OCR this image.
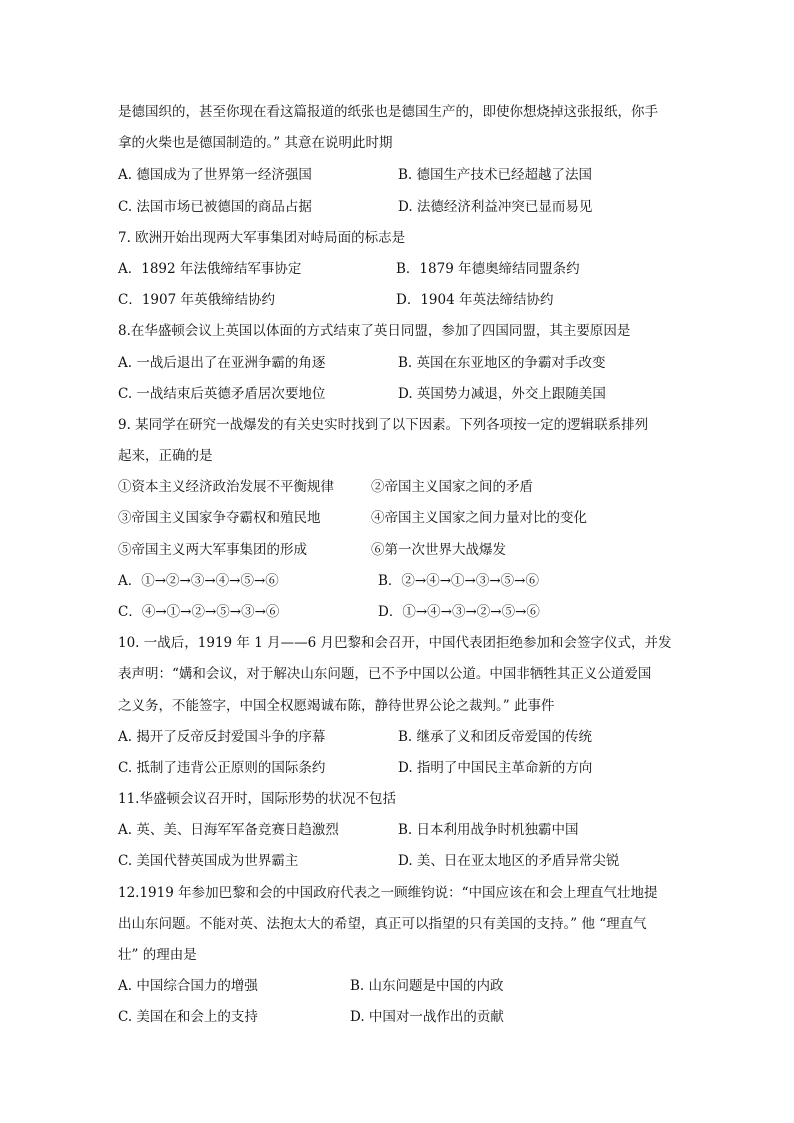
是德国织的，甚至你现在看这篇报道的纸张也是德国生产的，即使你想烧掉这张报纸，你手
拿的火柴也是德国制造的。” 其意在说明此时期
A. 德国成为了世界第一经济强国	B. 德国生产技术已经超越了法国
C. 法国市场已被德国的商品占据	D. 法德经济利益冲突已显而易见
7. 欧洲开始出现两大军事集团对峙局面的标志是
A．1892 年法俄缔结军事协定	B．1879 年德奥缔结同盟条约
C．1907 年英俄缔结协约	D．1904 年英法缔结协约
8.在华盛顿会议上英国以体面的方式结束了英日同盟，参加了四国同盟，其主要原因是
A. 一战后退出了在亚洲争霸的角逐	B. 英国在东亚地区的争霸对手改变
C. 一战结束后英德矛盾居次要地位	D. 英国势力减退，外交上跟随美国
9. 某同学在研究一战爆发的有关史实时找到了以下因素。下列各项按一定的逻辑联系排列
起来，正确的是
①资本主义经济政治发展不平衡规律	②帝国主义国家之间的矛盾
③帝国主义国家争夺霸权和殖民地	④帝国主义国家之间力量对比的变化
⑤帝国主义两大军事集团的形成	⑥第一次世界大战爆发
A．①→②→③→④→⑤→⑥	B．②→④→①→③→⑤→⑥
C．④→①→②→⑤→③→⑥	D．①→④→③→②→⑤→⑥
10. 一战后，1919 年 1 月——6 月巴黎和会召开，中国代表团拒绝参加和会签字仪式，并发
表声明：“媾和会议，对于解决山东问题，已不予中国以公道。中国非牺牲其正义公道爱国
之义务，不能签字，中国全权愿竭诚布陈，静待世界公论之裁判。” 此事件
A. 揭开了反帝反封爱国斗争的序幕	B. 继承了义和团反帝爱国的传统
C. 抵制了违背公正原则的国际条约	D. 指明了中国民主革命新的方向
11.华盛顿会议召开时，国际形势的状况不包括
A. 英、美、日海军军备竞赛日趋激烈	B. 日本利用战争时机独霸中国
C. 美国代替英国成为世界霸主	D. 美、日在亚太地区的矛盾异常尖锐
12.1919 年参加巴黎和会的中国政府代表之一顾维钧说：“中国应该在和会上理直气壮地提
出山东问题。不能对英、法抱太大的希望，真正可以指望的只有美国的支持。” 他 “理直气
壮” 的理由是
A. 中国综合国力的增强	B. 山东问题是中国的内政
C. 美国在和会上的支持	D. 中国对一战作出的贡献
